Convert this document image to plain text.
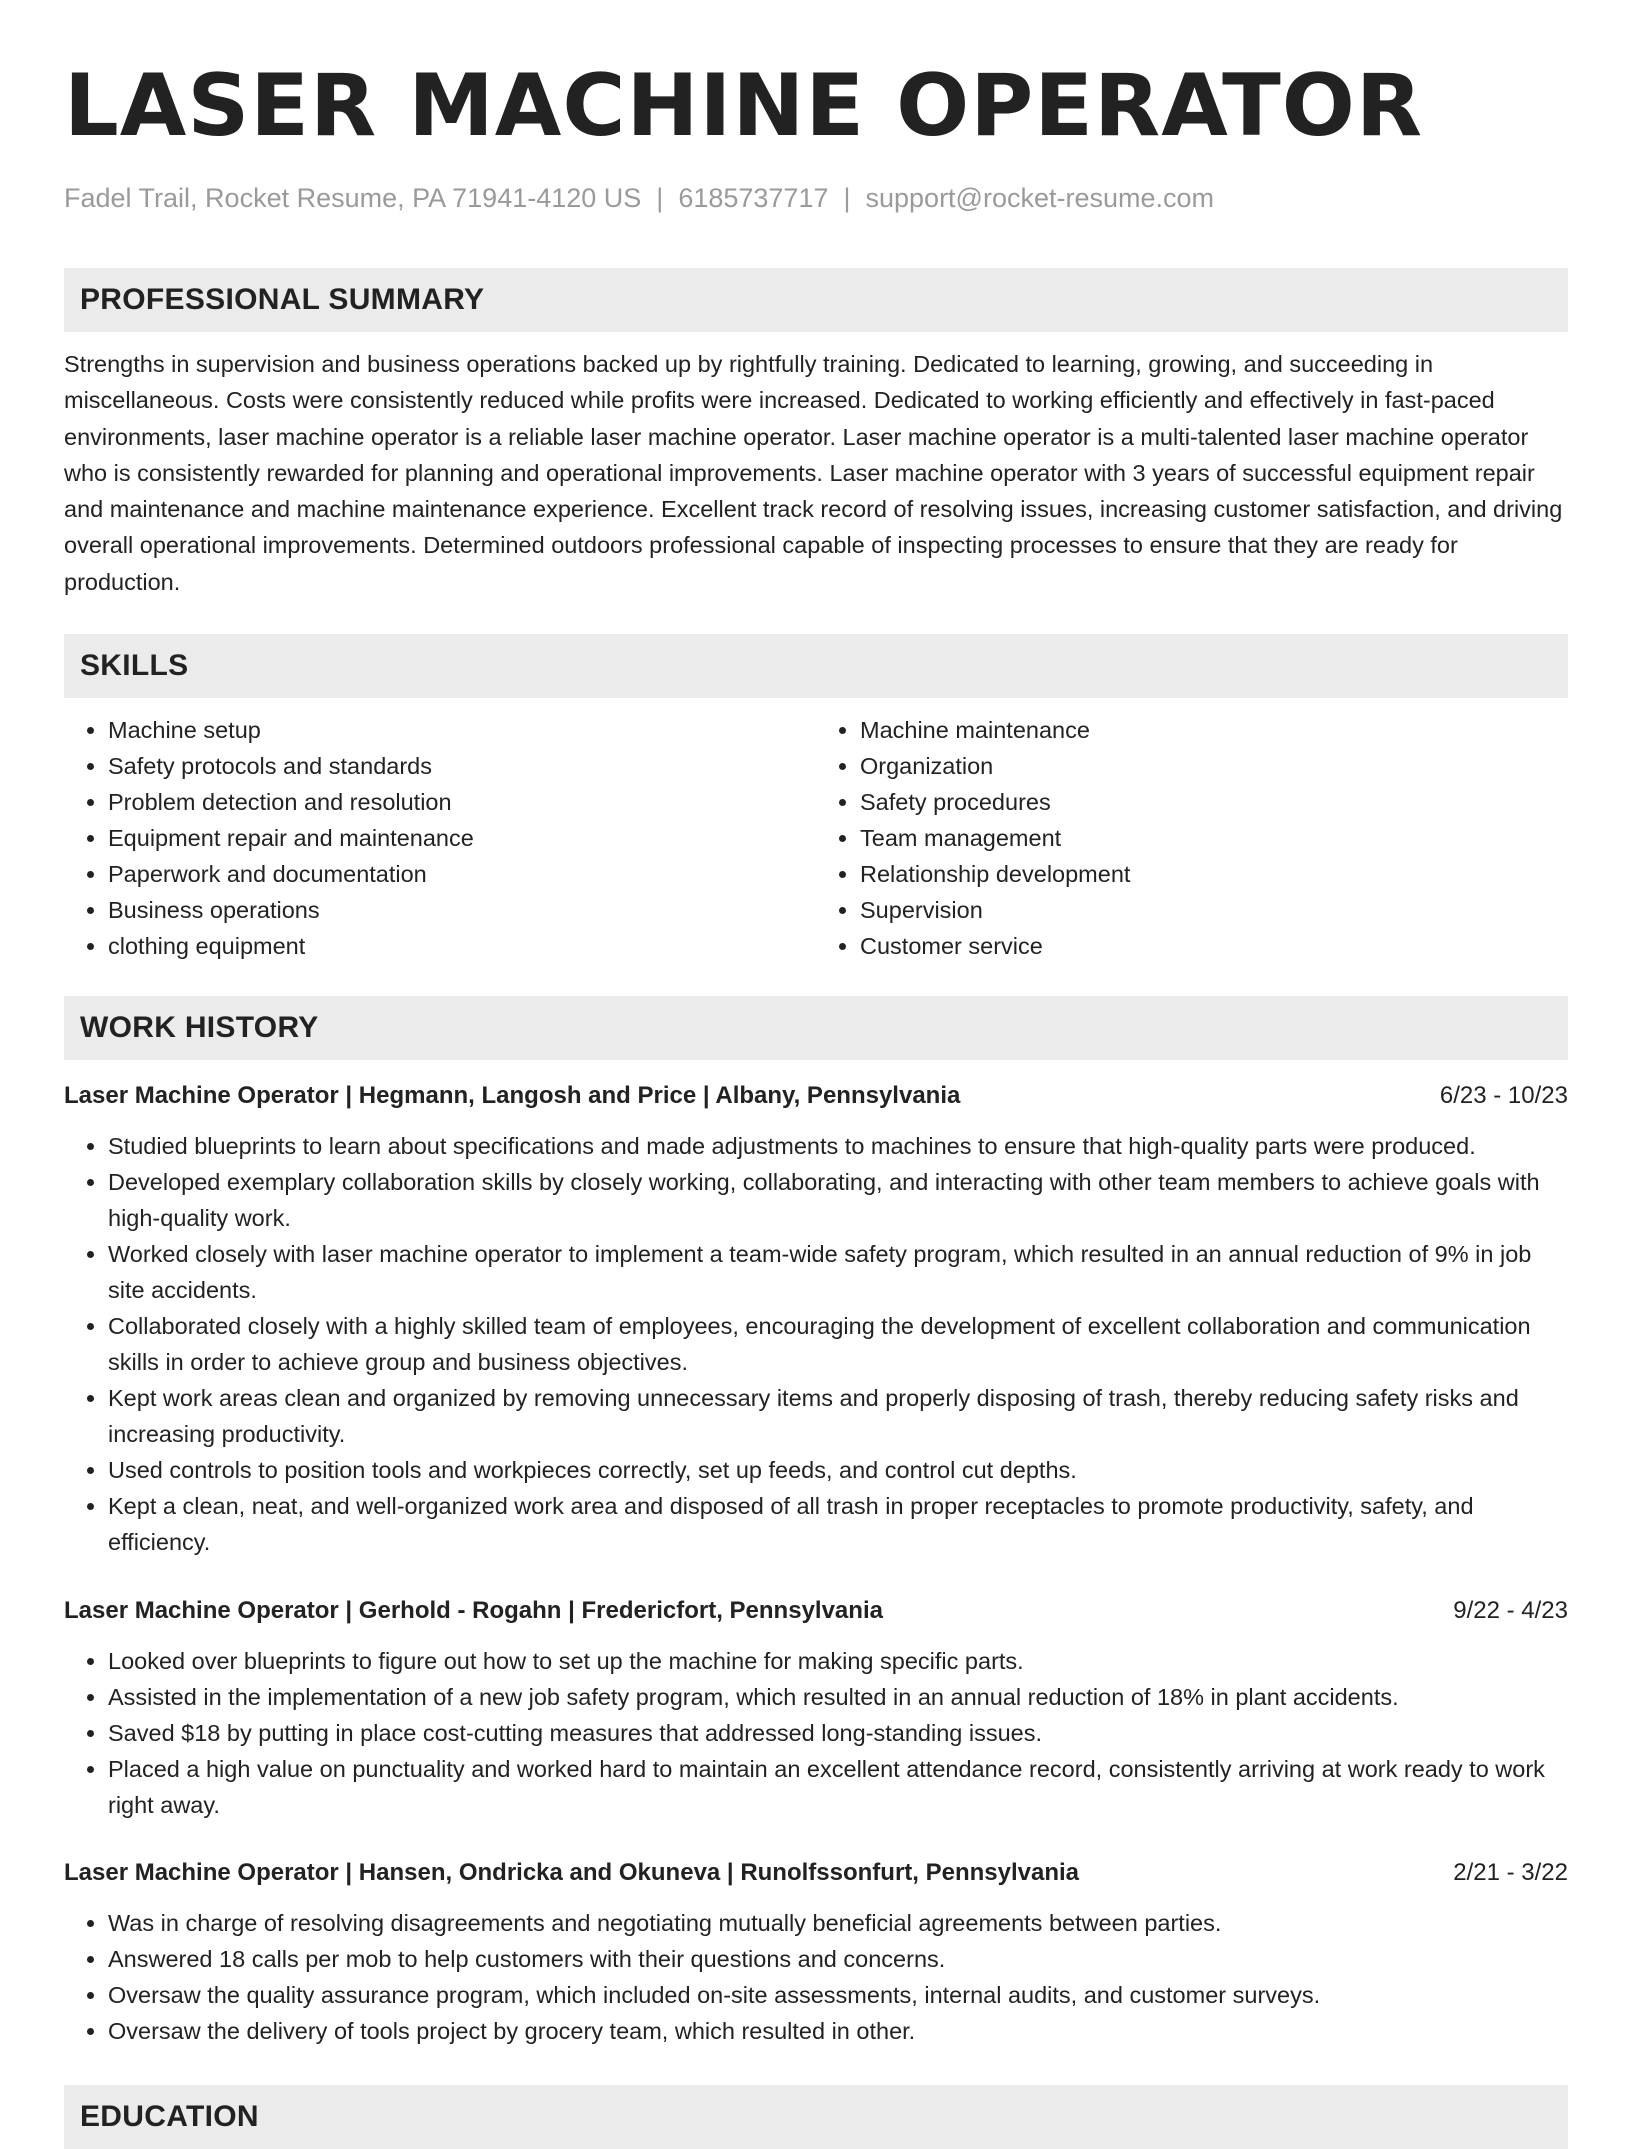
LASER MACHINE OPERATOR
Fadel Trail, Rocket Resume, PA 71941-4120 US | 6185737717 | support@rocket-resume.com
PROFESSIONAL SUMMARY

Strengths in supervision and business operations backed up by rightfully training. Dedicated to learning, growing, and succeeding in miscellaneous. Costs were consistently reduced while profits were increased. Dedicated to working efficiently and effectively in fast-paced environments, laser machine operator is a reliable laser machine operator. Laser machine operator is a multi-talented laser machine operator who is consistently rewarded for planning and operational improvements. Laser machine operator with 3 years of successful equipment repair and maintenance and machine maintenance experience. Excellent track record of resolving issues, increasing customer satisfaction, and driving overall operational improvements. Determined outdoors professional capable of inspecting processes to ensure that they are ready for production.

SKILLS
• Machine setup
• Safety protocols and standards
• Problem detection and resolution
• Equipment repair and maintenance
• Paperwork and documentation
• Business operations
• clothing equipment
• Machine maintenance
• Organization
• Safety procedures
• Team management
• Relationship development
• Supervision
• Customer service
WORK HISTORY
Laser Machine Operator | Hegmann, Langosh and Price | Albany, Pennsylvania	6/23 - 10/23
• Studied blueprints to learn about specifications and made adjustments to machines to ensure that high-quality parts were produced.
• Developed exemplary collaboration skills by closely working, collaborating, and interacting with other team members to achieve goals with high-quality work.
• Worked closely with laser machine operator to implement a team-wide safety program, which resulted in an annual reduction of 9% in job site accidents.
• Collaborated closely with a highly skilled team of employees, encouraging the development of excellent collaboration and communication skills in order to achieve group and business objectives.
• Kept work areas clean and organized by removing unnecessary items and properly disposing of trash, thereby reducing safety risks and increasing productivity.
• Used controls to position tools and workpieces correctly, set up feeds, and control cut depths.
• Kept a clean, neat, and well-organized work area and disposed of all trash in proper receptacles to promote productivity, safety, and efficiency.
Laser Machine Operator | Gerhold - Rogahn | Fredericfort, Pennsylvania	9/22 - 4/23
• Looked over blueprints to figure out how to set up the machine for making specific parts.
• Assisted in the implementation of a new job safety program, which resulted in an annual reduction of 18% in plant accidents.
• Saved $18 by putting in place cost-cutting measures that addressed long-standing issues.
• Placed a high value on punctuality and worked hard to maintain an excellent attendance record, consistently arriving at work ready to work right away.
Laser Machine Operator | Hansen, Ondricka and Okuneva | Runolfssonfurt, Pennsylvania	2/21 - 3/22
• Was in charge of resolving disagreements and negotiating mutually beneficial agreements between parties.
• Answered 18 calls per mob to help customers with their questions and concerns.
• Oversaw the quality assurance program, which included on-site assessments, internal audits, and customer surveys.
• Oversaw the delivery of tools project by grocery team, which resulted in other.
EDUCATION
